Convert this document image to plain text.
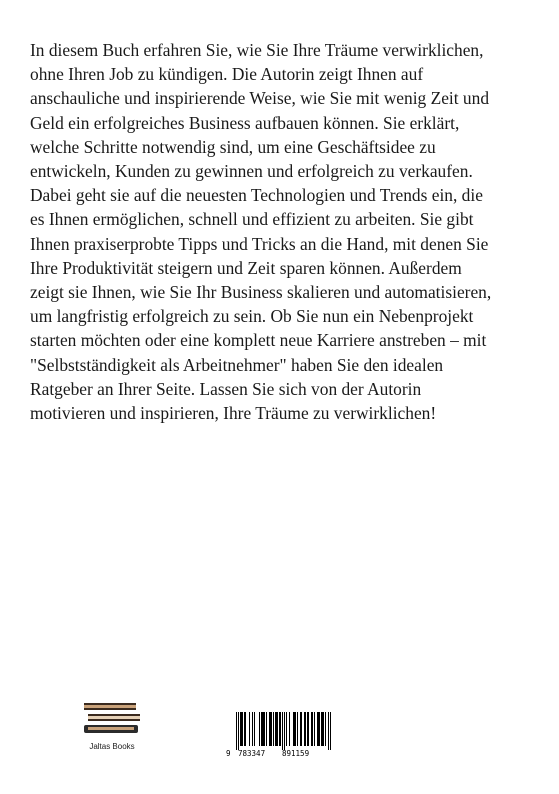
In diesem Buch erfahren Sie, wie Sie Ihre Träume verwirklichen,

ohne Ihren Job zu kündigen. Die Autorin zeigt Ihnen auf

anschauliche und inspirierende Weise, wie Sie mit wenig Zeit und

Geld ein erfolgreiches Business aufbauen können. Sie erklärt,

welche Schritte notwendig sind, um eine Geschäftsidee zu

entwickeln, Kunden zu gewinnen und erfolgreich zu verkaufen.

Dabei geht sie auf die neuesten Technologien und Trends ein, die

es Ihnen ermöglichen, schnell und effizient zu arbeiten. Sie gibt

Ihnen praxiserprobte Tipps und Tricks an die Hand, mit denen Sie

Ihre Produktivität steigern und Zeit sparen können. Außerdem

zeigt sie Ihnen, wie Sie Ihr Business skalieren und automatisieren,

um langfristig erfolgreich zu sein. Ob Sie nun ein Nebenprojekt

starten möchten oder eine komplett neue Karriere anstreben – mit

"Selbstständigkeit als Arbeitnehmer" haben Sie den idealen

Ratgeber an Ihrer Seite. Lassen Sie sich von der Autorin

motivieren und inspirieren, Ihre Träume zu verwirklichen!

Jaltas Books
9 783347 891159
